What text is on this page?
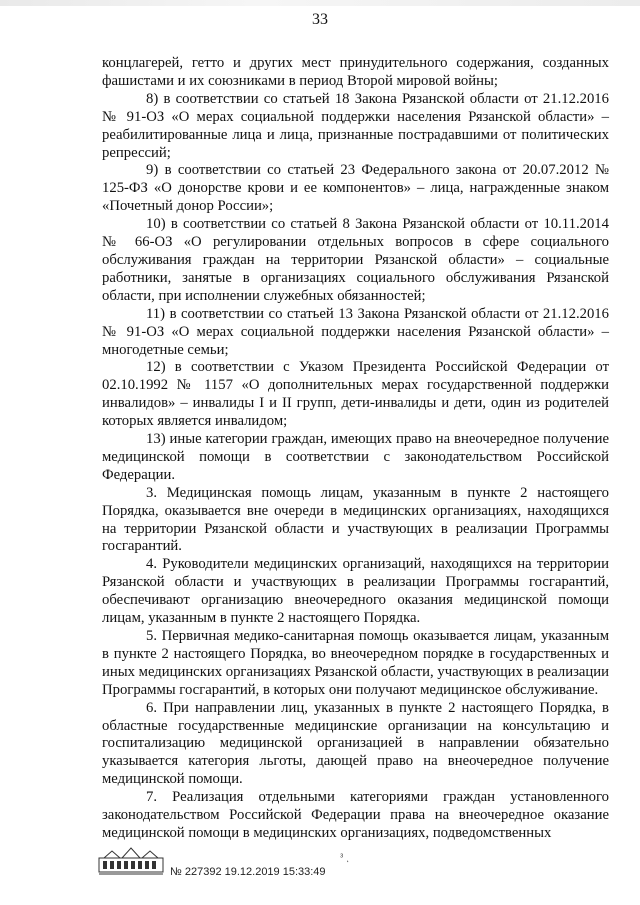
33

концлагерей, гетто и других мест принудительного содержания, созданных фашистами и их союзниками в период Второй мировой войны;

8) в соответствии со статьей 18 Закона Рязанской области от 21.12.2016 № 91-ОЗ «О мерах социальной поддержки населения Рязанской области» – реабилитированные лица и лица, признанные пострадавшими от политических репрессий;

9) в соответствии со статьей 23 Федерального закона от 20.07.2012 № 125-ФЗ «О донорстве крови и ее компонентов» – лица, награжденные знаком «Почетный донор России»;

10) в соответствии со статьей 8 Закона Рязанской области от 10.11.2014 № 66-ОЗ «О регулировании отдельных вопросов в сфере социального обслуживания граждан на территории Рязанской области» – социальные работники, занятые в организациях социального обслуживания Рязанской области, при исполнении служебных обязанностей;

11) в соответствии со статьей 13 Закона Рязанской области от 21.12.2016 № 91-ОЗ «О мерах социальной поддержки населения Рязанской области» – многодетные семьи;

12) в соответствии с Указом Президента Российской Федерации от 02.10.1992 № 1157 «О дополнительных мерах государственной поддержки инвалидов» – инвалиды I и II групп, дети-инвалиды и дети, один из родителей которых является инвалидом;

13) иные категории граждан, имеющих право на внеочередное получение медицинской помощи в соответствии с законодательством Российской Федерации.

3. Медицинская помощь лицам, указанным в пункте 2 настоящего Порядка, оказывается вне очереди в медицинских организациях, находящихся на территории Рязанской области и участвующих в реализации Программы госгарантий.

4. Руководители медицинских организаций, находящихся на территории Рязанской области и участвующих в реализации Программы госгарантий, обеспечивают организацию внеочередного оказания медицинской помощи лицам, указанным в пункте 2 настоящего Порядка.

5. Первичная медико-санитарная помощь оказывается лицам, указанным в пункте 2 настоящего Порядка, во внеочередном порядке в государственных и иных медицинских организациях Рязанской области, участвующих в реализации Программы госгарантий, в которых они получают медицинское обслуживание.

6. При направлении лиц, указанных в пункте 2 настоящего Порядка, в областные государственные медицинские организации на консультацию и госпитализацию медицинской организацией в направлении обязательно указывается категория льготы, дающей право на внеочередное получение медицинской помощи.

7. Реализация отдельными категориями граждан установленного законодательством Российской Федерации права на внеочередное оказание медицинской помощи в медицинских организациях, подведомственных

ᵌ ͺ
№ 227392 19.12.2019 15:33:49
